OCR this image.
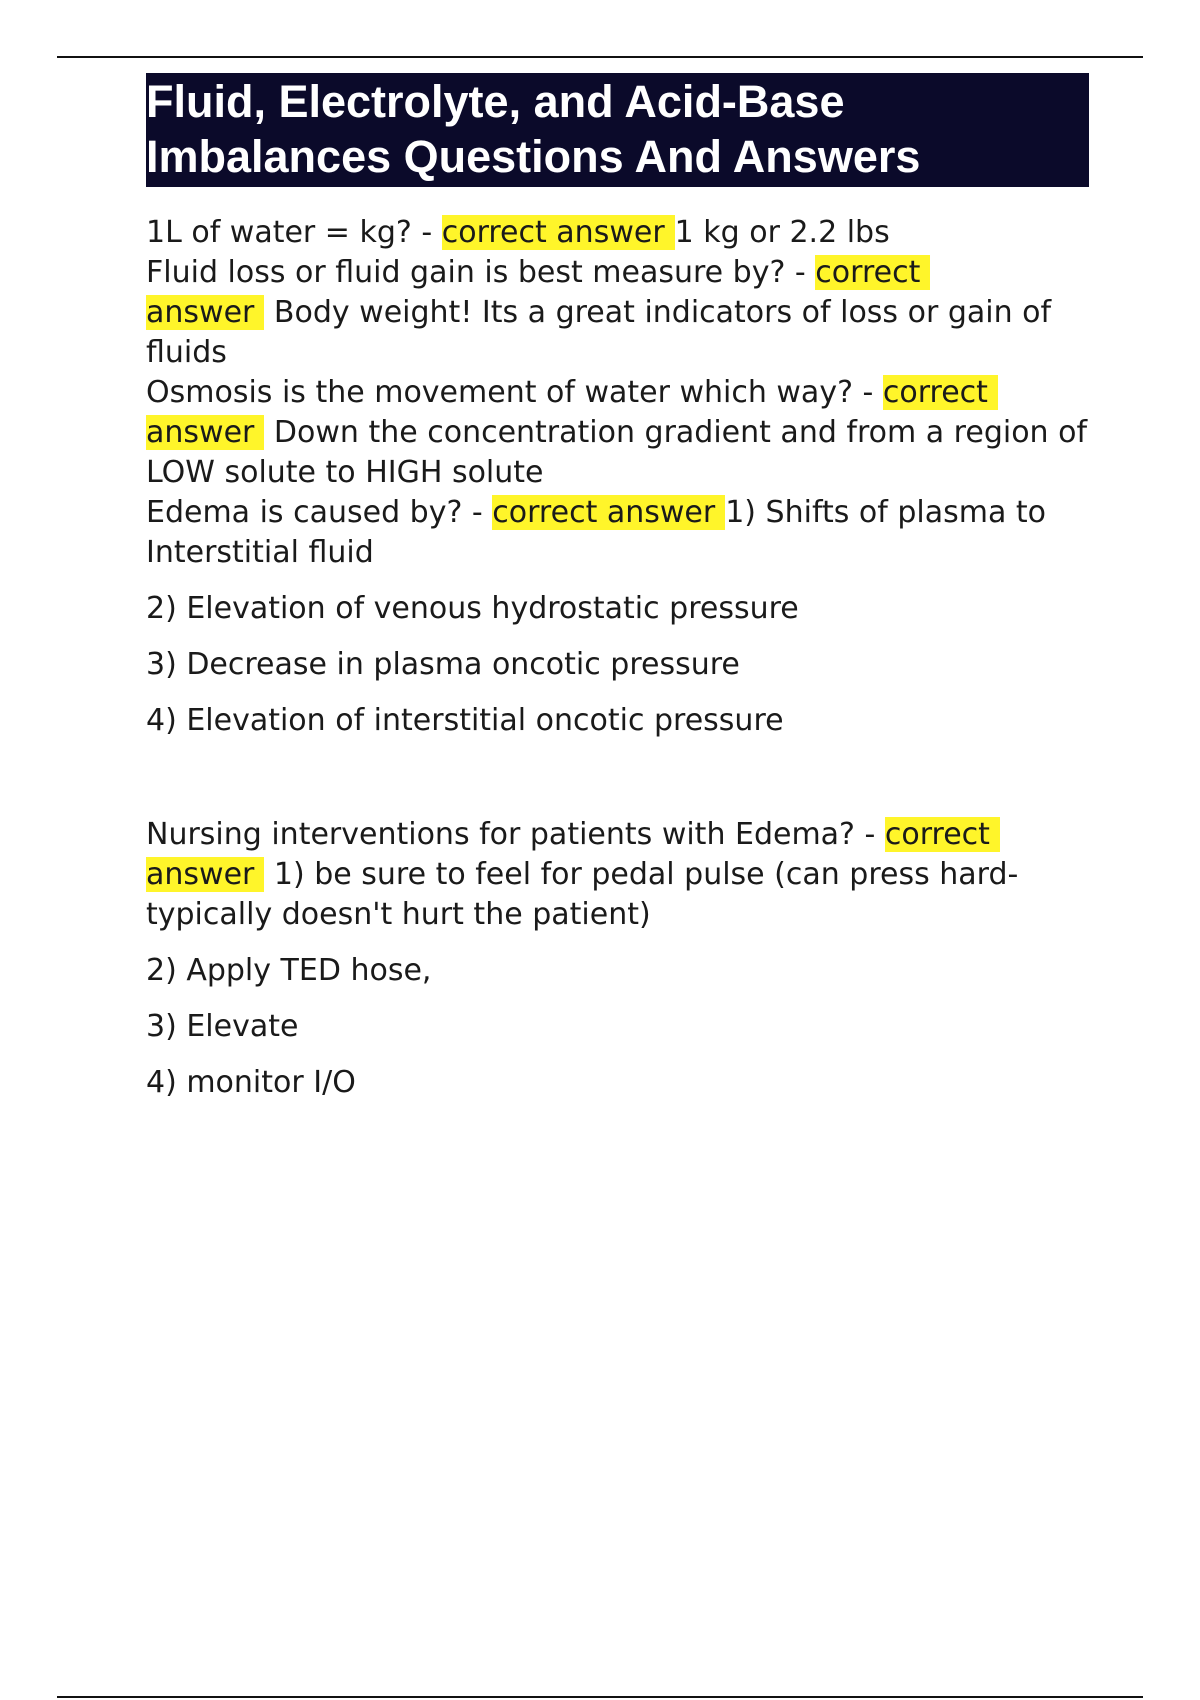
Fluid, Electrolyte, and Acid-Base
Imbalances Questions And Answers

1L of water = kg? - correct answer 1 kg or 2.2 lbs

Fluid loss or fluid gain is best measure by? - correct
answer Body weight! Its a great indicators of loss or gain of fluids

Osmosis is the movement of water which way? - correct
answer Down the concentration gradient and from a region of LOW solute to HIGH solute

Edema is caused by? - correct answer 1) Shifts of plasma to Interstitial fluid

2) Elevation of venous hydrostatic pressure
3) Decrease in plasma oncotic pressure
4) Elevation of interstitial oncotic pressure

Nursing interventions for patients with Edema? - correct
answer 1) be sure to feel for pedal pulse (can press hard- typically doesn't hurt the patient)

2) Apply TED hose,
3) Elevate
4) monitor I/O
